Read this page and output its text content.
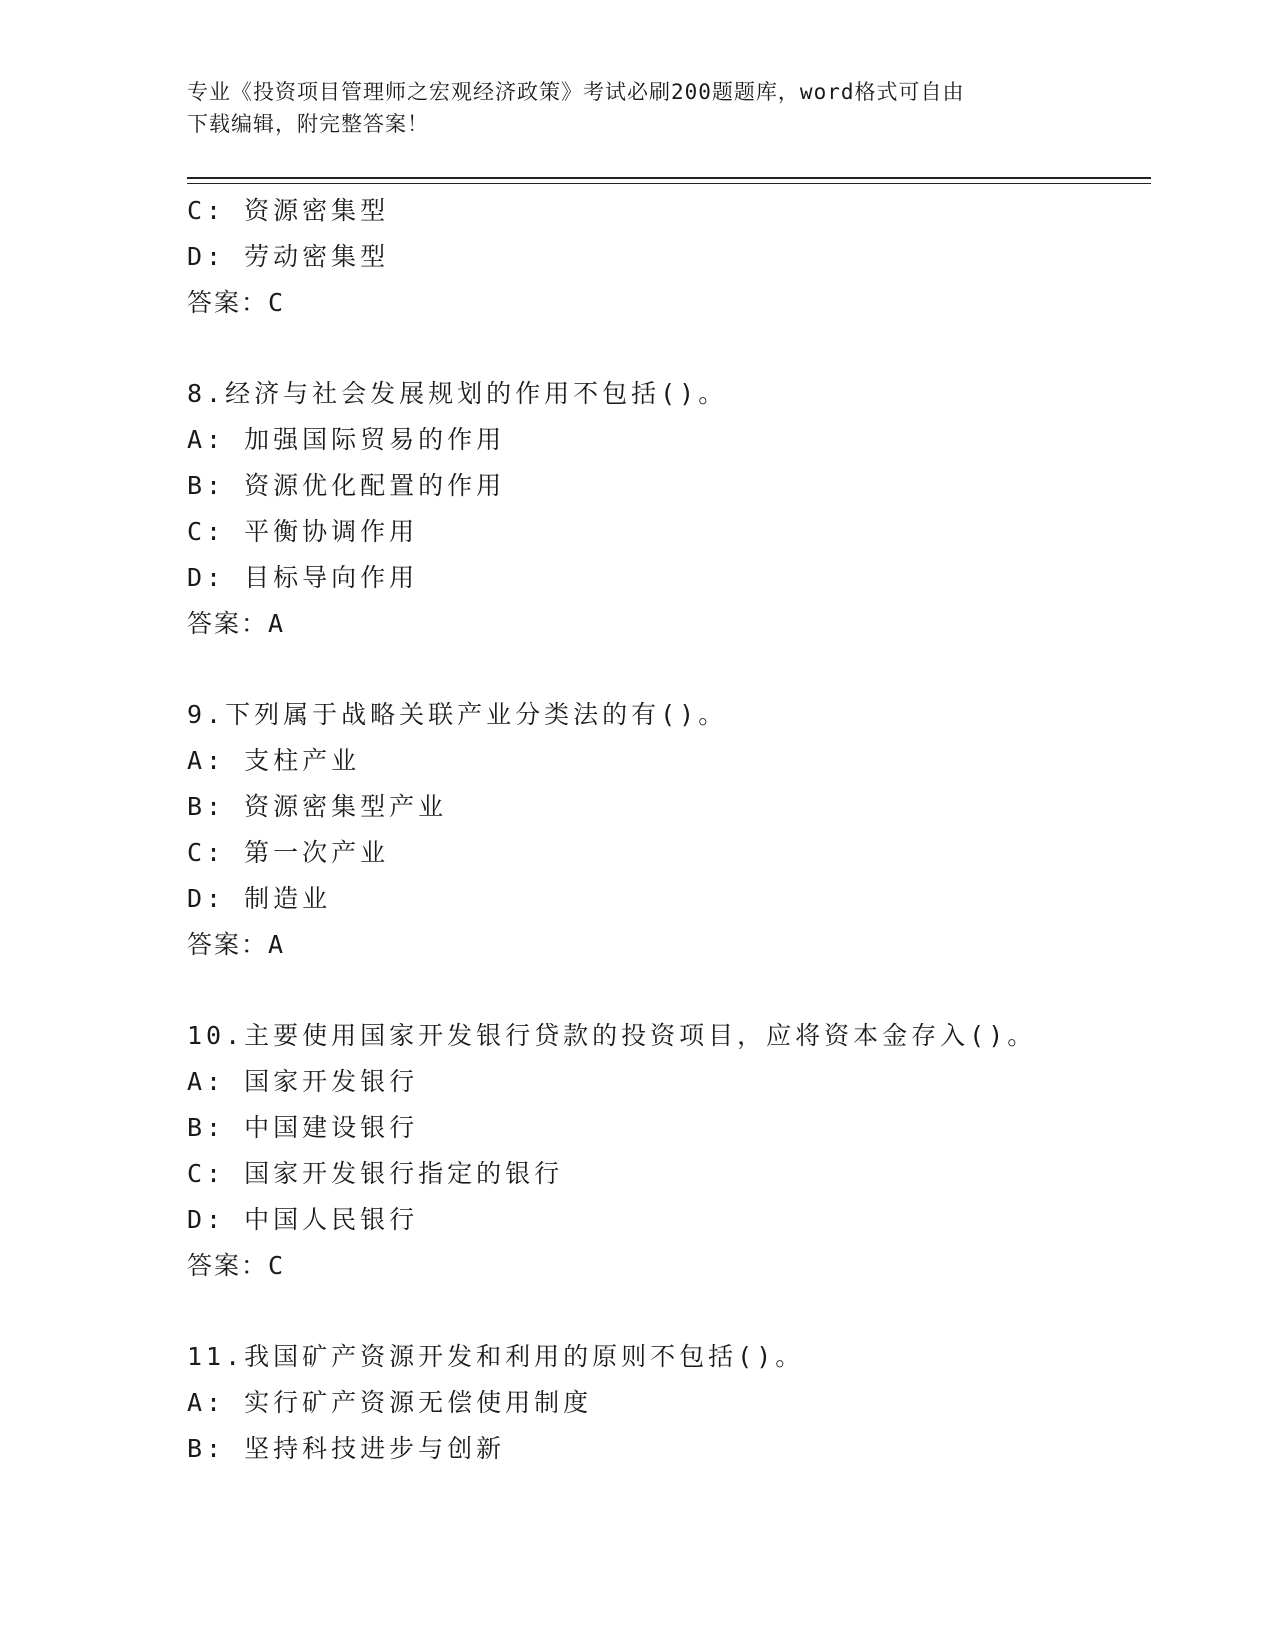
专业《投资项目管理师之宏观经济政策》考试必刷200题题库，word格式可自由
下载编辑，附完整答案！
C: 资源密集型
D: 劳动密集型
答案：C
8.经济与社会发展规划的作用不包括()。
A: 加强国际贸易的作用
B: 资源优化配置的作用
C: 平衡协调作用
D: 目标导向作用
答案：A
9.下列属于战略关联产业分类法的有()。
A: 支柱产业
B: 资源密集型产业
C: 第一次产业
D: 制造业
答案：A
10.主要使用国家开发银行贷款的投资项目，应将资本金存入()。
A: 国家开发银行
B: 中国建设银行
C: 国家开发银行指定的银行
D: 中国人民银行
答案：C
11.我国矿产资源开发和利用的原则不包括()。
A: 实行矿产资源无偿使用制度
B: 坚持科技进步与创新
